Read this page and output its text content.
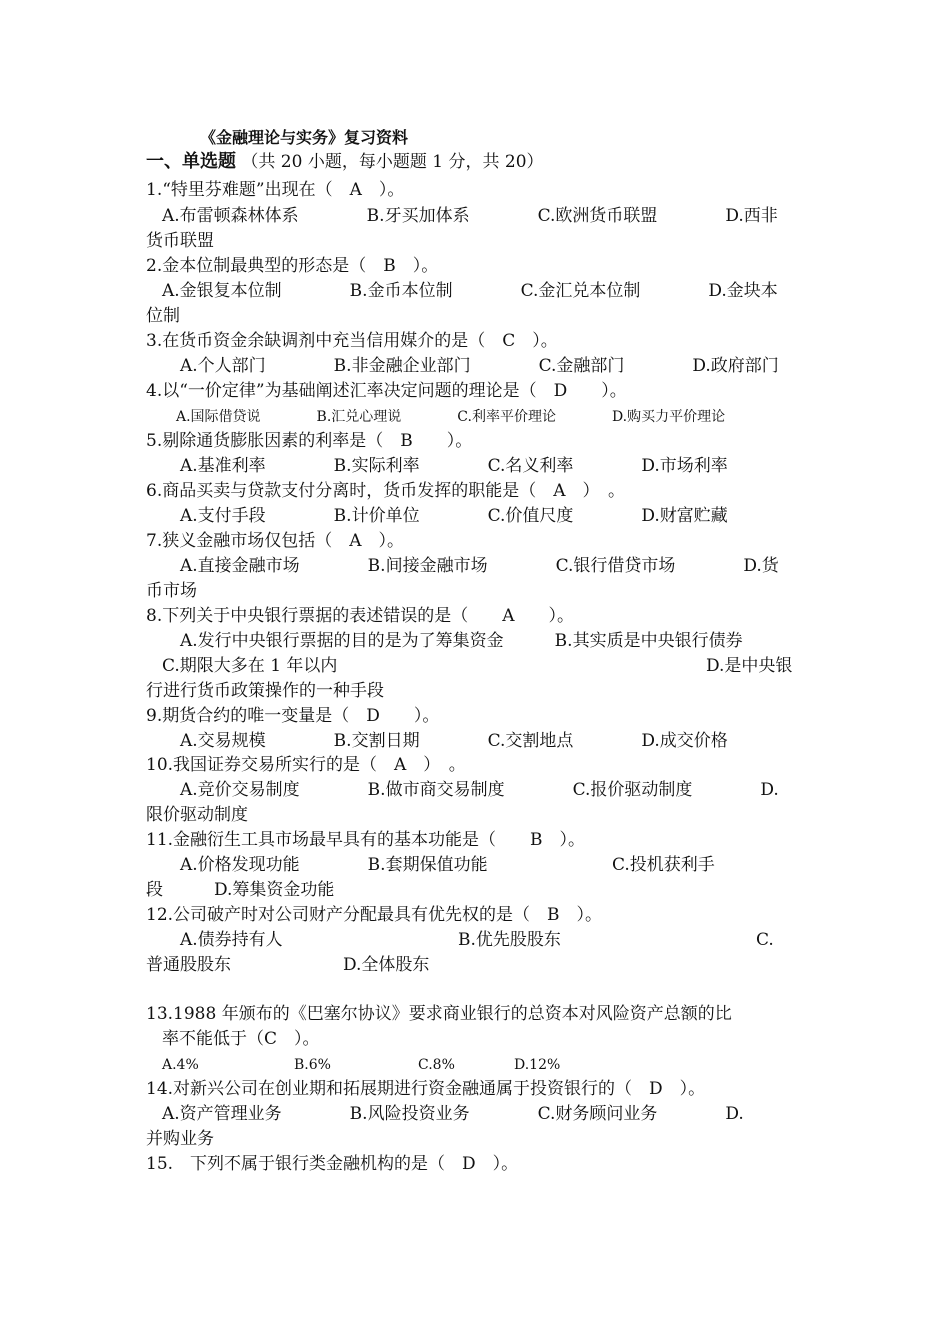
《金融理论与实务》复习资料
一、单选题 （共 20 小题，每小题题 1 分，共 20）
1.“特里芬难题”出现在（　A　）。
A.布雷顿森林体系　　　　B.牙买加体系　　　　C.欧洲货币联盟　　　　D.西非
货币联盟
2.金本位制最典型的形态是（　B　）。
A.金银复本位制　　　　B.金币本位制　　　　C.金汇兑本位制　　　　D.金块本
位制
3.在货币资金余缺调剂中充当信用媒介的是（　C　）。
A.个人部门　　　　B.非金融企业部门　　　　C.金融部门　　　　D.政府部门
4.以“一价定律”为基础阐述汇率决定问题的理论是（　D　　）。
A.国际借贷说　　　　B.汇兑心理说　　　　C.利率平价理论　　　　D.购买力平价理论
5.剔除通货膨胀因素的利率是（　B　　）。
A.基准利率　　　　B.实际利率　　　　C.名义利率　　　　D.市场利率
6.商品买卖与贷款支付分离时，货币发挥的职能是（　A　）　。
A.支付手段　　　　B.计价单位　　　　C.价值尺度　　　　D.财富贮藏
7.狭义金融市场仅包括（　A　）。
A.直接金融市场　　　　B.间接金融市场　　　　C.银行借贷市场　　　　D.货
币市场
8.下列关于中央银行票据的表述错误的是（　　A　　）。
A.发行中央银行票据的目的是为了筹集资金　　　B.其实质是中央银行债券
C.期限大多在 1 年以内	D.是中央银
行进行货币政策操作的一种手段
9.期货合约的唯一变量是（　D　　）。
A.交易规模　　　　B.交割日期　　　　C.交割地点　　　　D.成交价格
10.我国证券交易所实行的是（　A　）　。
A.竞价交易制度　　　　B.做市商交易制度　　　　C.报价驱动制度　　　　D.
限价驱动制度
11.金融衍生工具市场最早具有的基本功能是（　　B　）。
A.价格发现功能　　　　B.套期保值功能	C.投机获利手
段　　　D.筹集资金功能
12.公司破产时对公司财产分配最具有优先权的是（　B　）。
A.债券持有人	B.优先股股东	C.
普通股股东	D.全体股东
13.1988 年颁布的《巴塞尔协议》要求商业银行的总资本对风险资产总额的比
率不能低于（C　）。
A.4%	B.6%	C.8%	D.12%
14.对新兴公司在创业期和拓展期进行资金融通属于投资银行的（　D　）。
A.资产管理业务　　　　B.风险投资业务　　　　C.财务顾问业务　　　　D.
并购业务
15.　下列不属于银行类金融机构的是（　D　）。
